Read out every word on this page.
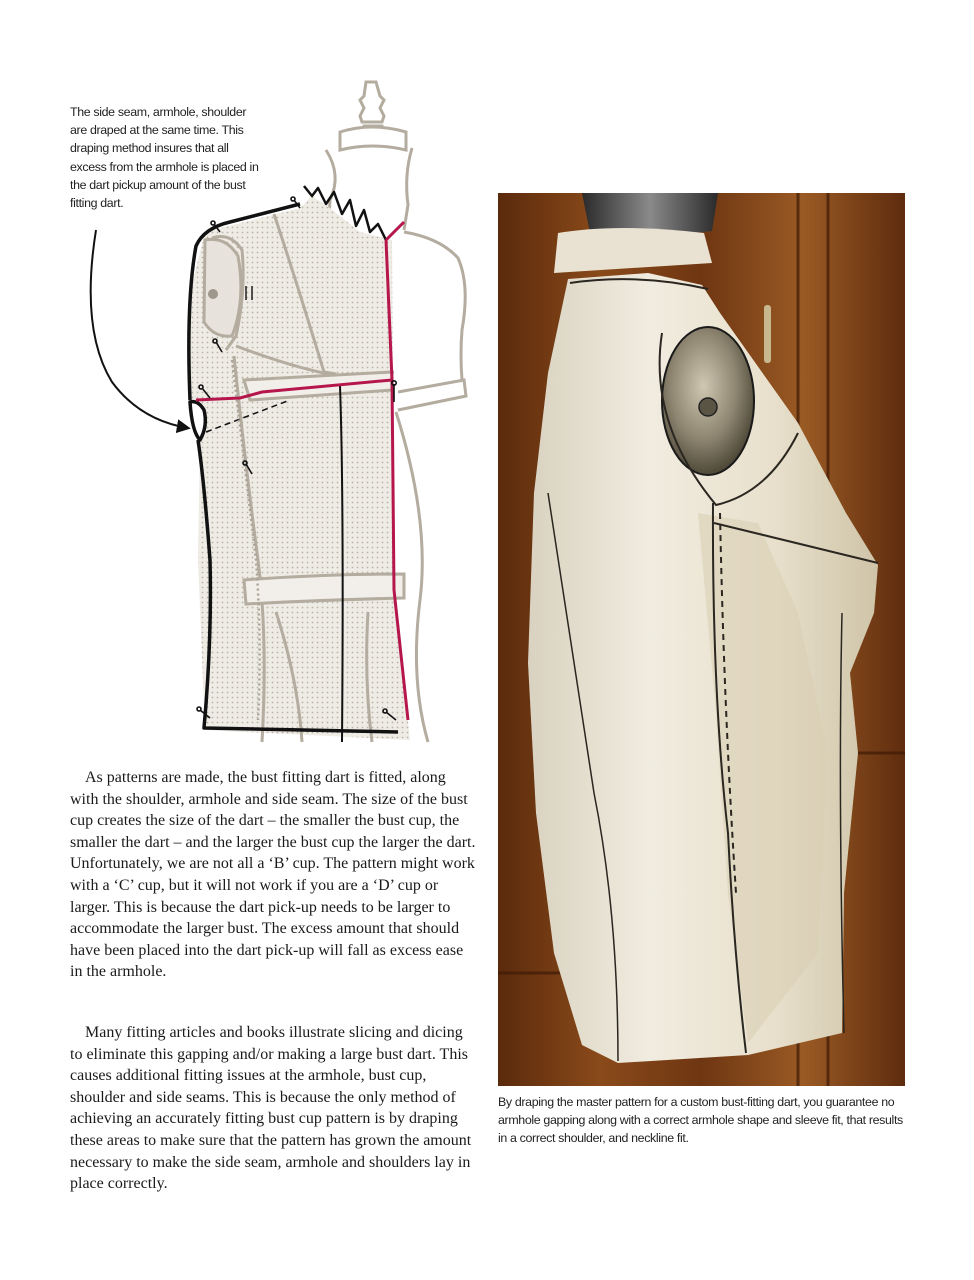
The side seam, armhole, shoulder are draped at the same time. This draping method insures that all excess from the armhole is placed in the dart pickup amount of the bust fitting dart.

As patterns are made, the bust fitting dart is fitted, along with the shoulder, armhole and side seam. The size of the bust cup creates the size of the dart – the smaller the bust cup, the smaller the dart – and the larger the bust cup the larger the dart. Unfortunately, we are not all a ‘B’ cup. The pattern might work with a ‘C’ cup, but it will not work if you are a ‘D’ cup or larger. This is because the dart pick-up needs to be larger to accommodate the larger bust. The excess amount that should have been placed into the dart pick-up will fall as excess ease in the armhole.

Many fitting articles and books illustrate slicing and dicing to eliminate this gapping and/or making a large bust dart. This causes additional fitting issues at the armhole, bust cup, shoulder and side seams. This is because the only method of achieving an accurately fitting bust cup pattern is by draping these areas to make sure that the pattern has grown the amount necessary to make the side seam, armhole and shoulders lay in place correctly.

By draping the master pattern for a custom bust-fitting dart, you guarantee no armhole gapping along with a correct armhole shape and sleeve fit, that results in a correct shoulder, and neckline fit.
